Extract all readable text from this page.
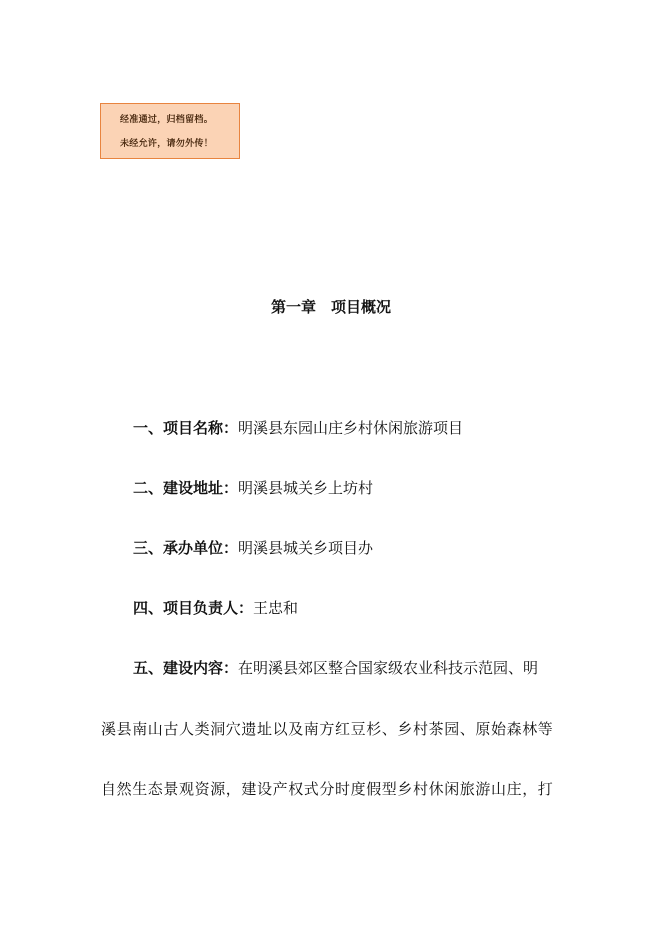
经准通过，归档留档。
未经允许，请勿外传！
第一章　项目概况
一、项目名称：明溪县东园山庄乡村休闲旅游项目
二、建设地址：明溪县城关乡上坊村
三、承办单位：明溪县城关乡项目办
四、项目负责人：王忠和
五、建设内容：在明溪县郊区整合国家级农业科技示范园、明
溪县南山古人类洞穴遗址以及南方红豆杉、乡村茶园、原始森林等
自然生态景观资源，建设产权式分时度假型乡村休闲旅游山庄，打
